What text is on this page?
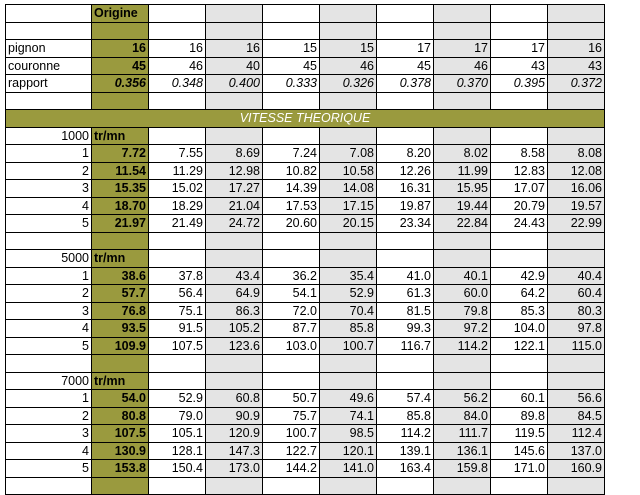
	Origine								

pignon	16	16	16	15	15	17	17	17	16
couronne	45	46	40	45	46	45	46	43	43
rapport	0.356	0.348	0.400	0.333	0.326	0.378	0.370	0.395	0.372

VITESSE THEORIQUE									
1000	tr/mn								
1	7.72	7.55	8.69	7.24	7.08	8.20	8.02	8.58	8.08
2	11.54	11.29	12.98	10.82	10.58	12.26	11.99	12.83	12.08
3	15.35	15.02	17.27	14.39	14.08	16.31	15.95	17.07	16.06
4	18.70	18.29	21.04	17.53	17.15	19.87	19.44	20.79	19.57
5	21.97	21.49	24.72	20.60	20.15	23.34	22.84	24.43	22.99

5000	tr/mn								
1	38.6	37.8	43.4	36.2	35.4	41.0	40.1	42.9	40.4
2	57.7	56.4	64.9	54.1	52.9	61.3	60.0	64.2	60.4
3	76.8	75.1	86.3	72.0	70.4	81.5	79.8	85.3	80.3
4	93.5	91.5	105.2	87.7	85.8	99.3	97.2	104.0	97.8
5	109.9	107.5	123.6	103.0	100.7	116.7	114.2	122.1	115.0

7000	tr/mn								
1	54.0	52.9	60.8	50.7	49.6	57.4	56.2	60.1	56.6
2	80.8	79.0	90.9	75.7	74.1	85.8	84.0	89.8	84.5
3	107.5	105.1	120.9	100.7	98.5	114.2	111.7	119.5	112.4
4	130.9	128.1	147.3	122.7	120.1	139.1	136.1	145.6	137.0
5	153.8	150.4	173.0	144.2	141.0	163.4	159.8	171.0	160.9
